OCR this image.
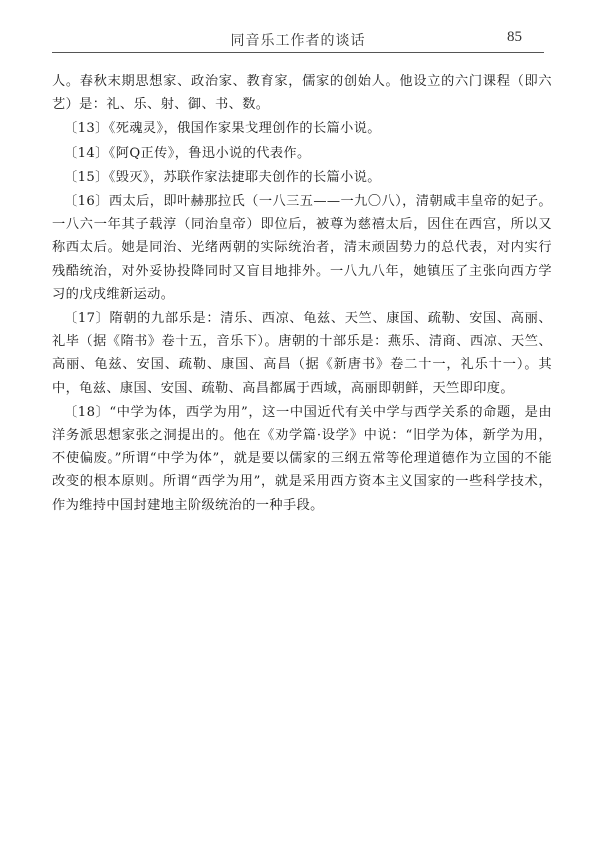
同音乐工作者的谈话	85

人。春秋末期思想家、政治家、教育家，儒家的创始人。他设立的六门课程（即六艺）是：礼、乐、射、御、书、数。

〔13〕《死魂灵》，俄国作家果戈理创作的长篇小说。

〔14〕《阿Q正传》，鲁迅小说的代表作。

〔15〕《毁灭》，苏联作家法捷耶夫创作的长篇小说。

〔16〕西太后，即叶赫那拉氏（一八三五——一九〇八），清朝咸丰皇帝的妃子。一八六一年其子载淳（同治皇帝）即位后，被尊为慈禧太后，因住在西宫，所以又称西太后。她是同治、光绪两朝的实际统治者，清末顽固势力的总代表，对内实行残酷统治，对外妥协投降同时又盲目地排外。一八九八年，她镇压了主张向西方学习的戊戌维新运动。

〔17〕隋朝的九部乐是：清乐、西凉、龟兹、天竺、康国、疏勒、安国、高丽、礼毕（据《隋书》卷十五，音乐下）。唐朝的十部乐是：燕乐、清商、西凉、天竺、高丽、龟兹、安国、疏勒、康国、高昌（据《新唐书》卷二十一，礼乐十一）。其中，龟兹、康国、安国、疏勒、高昌都属于西域，高丽即朝鲜，天竺即印度。

〔18〕“中学为体，西学为用”，这一中国近代有关中学与西学关系的命题，是由洋务派思想家张之洞提出的。他在《劝学篇·设学》中说：“旧学为体，新学为用，不使偏废。”所谓“中学为体”，就是要以儒家的三纲五常等伦理道德作为立国的不能改变的根本原则。所谓“西学为用”，就是采用西方资本主义国家的一些科学技术，作为维持中国封建地主阶级统治的一种手段。
